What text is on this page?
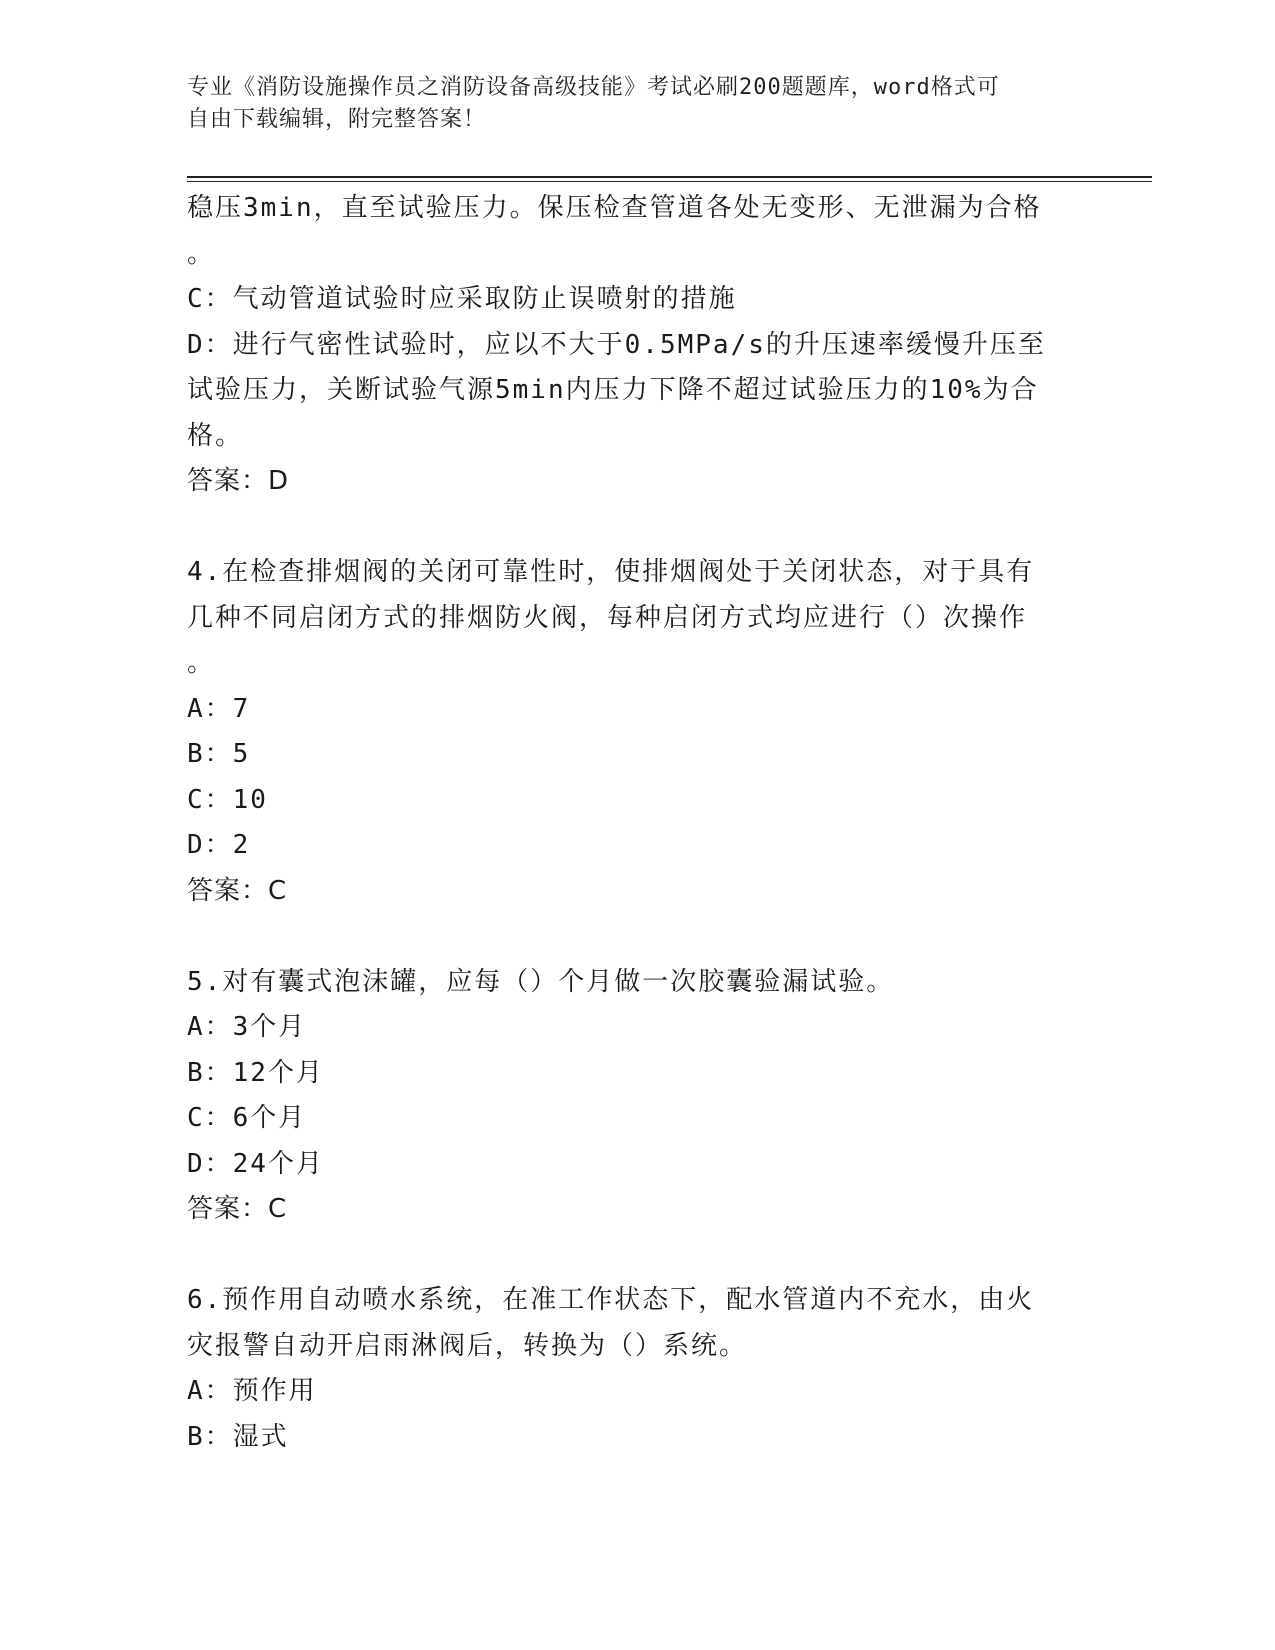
专业《消防设施操作员之消防设备高级技能》考试必刷200题题库，word格式可
自由下载编辑，附完整答案！
稳压3min，直至试验压力。保压检查管道各处无变形、无泄漏为合格
。
C：气动管道试验时应采取防止误喷射的措施
D：进行气密性试验时，应以不大于0.5MPa/s的升压速率缓慢升压至
试验压力，关断试验气源5min内压力下降不超过试验压力的10%为合
格。
答案：D
4.在检查排烟阀的关闭可靠性时，使排烟阀处于关闭状态，对于具有
几种不同启闭方式的排烟防火阀，每种启闭方式均应进行（）次操作
。
A：7
B：5
C：10
D：2
答案：C
5.对有囊式泡沫罐，应每（）个月做一次胶囊验漏试验。
A：3个月
B：12个月
C：6个月
D：24个月
答案：C
6.预作用自动喷水系统，在准工作状态下，配水管道内不充水，由火
灾报警自动开启雨淋阀后，转换为（）系统。
A：预作用
B：湿式
